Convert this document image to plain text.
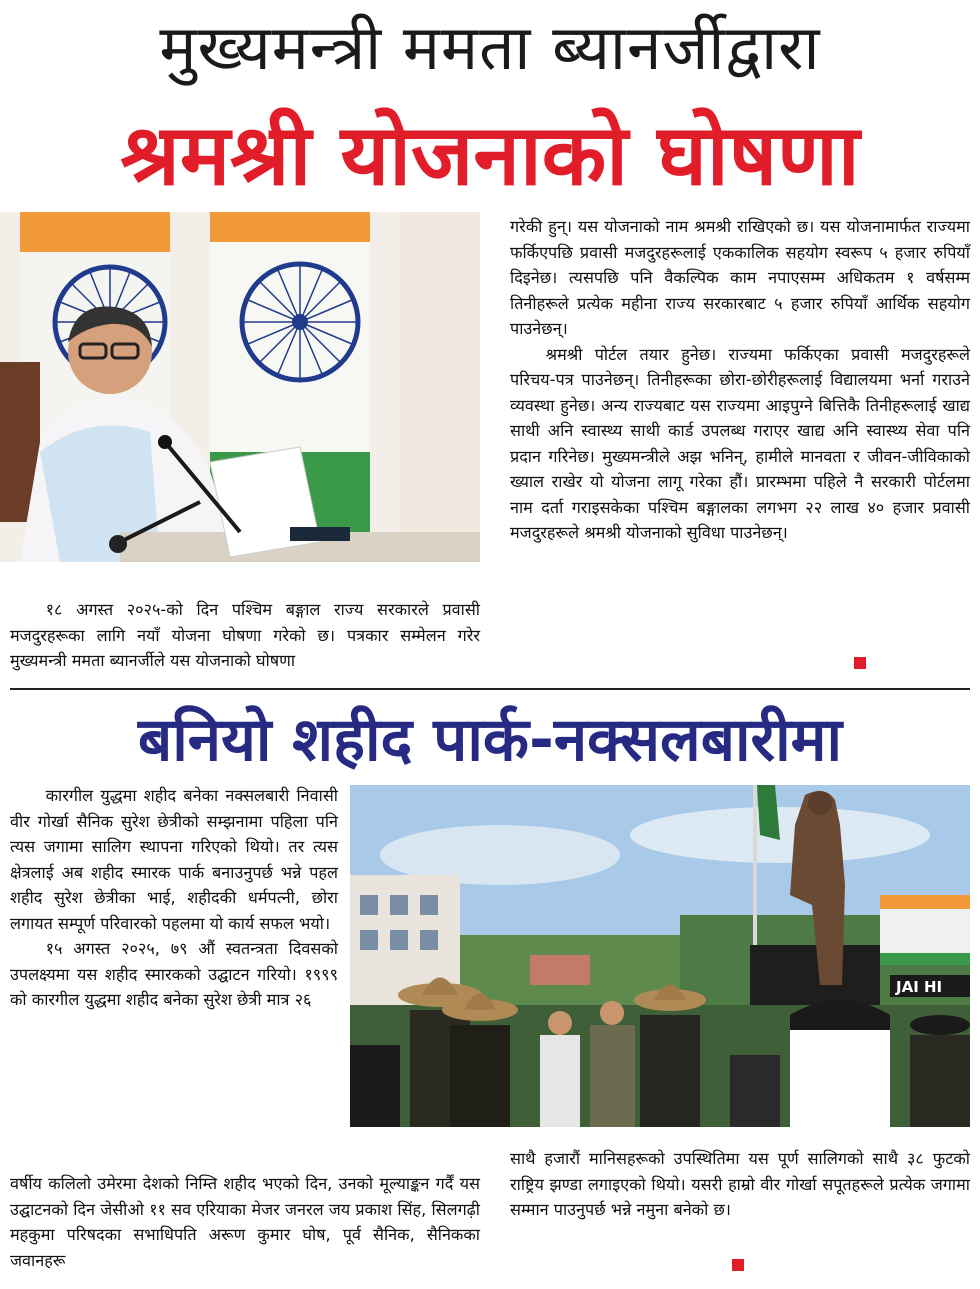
मुख्यमन्त्री ममता ब्यानर्जीद्वारा
श्रमश्री योजनाको घोषणा

१८ अगस्त २०२५-को दिन पश्चिम बङ्गाल राज्य सरकारले प्रवासी मजदुरहरूका लागि नयाँ योजना घोषणा गरेको छ। पत्रकार सम्मेलन गरेर मुख्यमन्त्री ममता ब्यानर्जीले यस योजनाको घोषणा

गरेकी हुन्। यस योजनाको नाम श्रमश्री राखिएको छ। यस योजनामार्फत राज्यमा फर्किएपछि प्रवासी मजदुरहरूलाई एककालिक सहयोग स्वरूप ५ हजार रुपियाँ दिइनेछ। त्यसपछि पनि वैकल्पिक काम नपाएसम्म अधिकतम १ वर्षसम्म तिनीहरूले प्रत्येक महीना राज्य सरकारबाट ५ हजार रुपियाँ आर्थिक सहयोग पाउनेछन्।

श्रमश्री पोर्टल तयार हुनेछ। राज्यमा फर्किएका प्रवासी मजदुरहरूले परिचय-पत्र पाउनेछन्। तिनीहरूका छोरा-छोरीहरूलाई विद्यालयमा भर्ना गराउने व्यवस्था हुनेछ। अन्य राज्यबाट यस राज्यमा आइपुग्ने बित्तिकै तिनीहरूलाई खाद्य साथी अनि स्वास्थ्य साथी कार्ड उपलब्ध गराएर खाद्य अनि स्वास्थ्य सेवा पनि प्रदान गरिनेछ। मुख्यमन्त्रीले अझ भनिन्, हामीले मानवता र जीवन-जीविकाको ख्याल राखेर यो योजना लागू गरेका हौं। प्रारम्भमा पहिले नै सरकारी पोर्टलमा नाम दर्ता गराइसकेका पश्चिम बङ्गालका लगभग २२ लाख ४० हजार प्रवासी मजदुरहरूले श्रमश्री योजनाको सुविधा पाउनेछन्।

बनियो शहीद पार्क-नक्सलबारीमा

कारगील युद्धमा शहीद बनेका नक्सलबारी निवासी वीर गोर्खा सैनिक सुरेश छेत्रीको सम्झनामा पहिला पनि त्यस जगामा सालिग स्थापना गरिएको थियो। तर त्यस क्षेत्रलाई अब शहीद स्मारक पार्क बनाउनुपर्छ भन्ने पहल शहीद सुरेश छेत्रीका भाई, शहीदकी धर्मपत्नी, छोरा लगायत सम्पूर्ण परिवारको पहलमा यो कार्य सफल भयो।

१५ अगस्त २०२५, ७९ औं स्वतन्त्रता दिवसको उपलक्ष्यमा यस शहीद स्मारकको उद्घाटन गरियो। १९९९ को कारगील युद्धमा शहीद बनेका सुरेश छेत्री मात्र २६

JAI HI

वर्षीय कलिलो उमेरमा देशको निम्ति शहीद भएको दिन, उनको मूल्याङ्कन गर्दैं यस उद्घाटनको दिन जेसीओ ११ सव एरियाका मेजर जनरल जय प्रकाश सिंह, सिलगढ़ी महकुमा परिषदका सभाधिपति अरूण कुमार घोष, पूर्व सैनिक, सैनिकका जवानहरू

साथै हजारौं मानिसहरूको उपस्थितिमा यस पूर्ण सालिगको साथै ३८ फुटको राष्ट्रिय झण्डा लगाइएको थियो। यसरी हाम्रो वीर गोर्खा सपूतहरूले प्रत्येक जगामा सम्मान पाउनुपर्छ भन्ने नमुना बनेको छ।
